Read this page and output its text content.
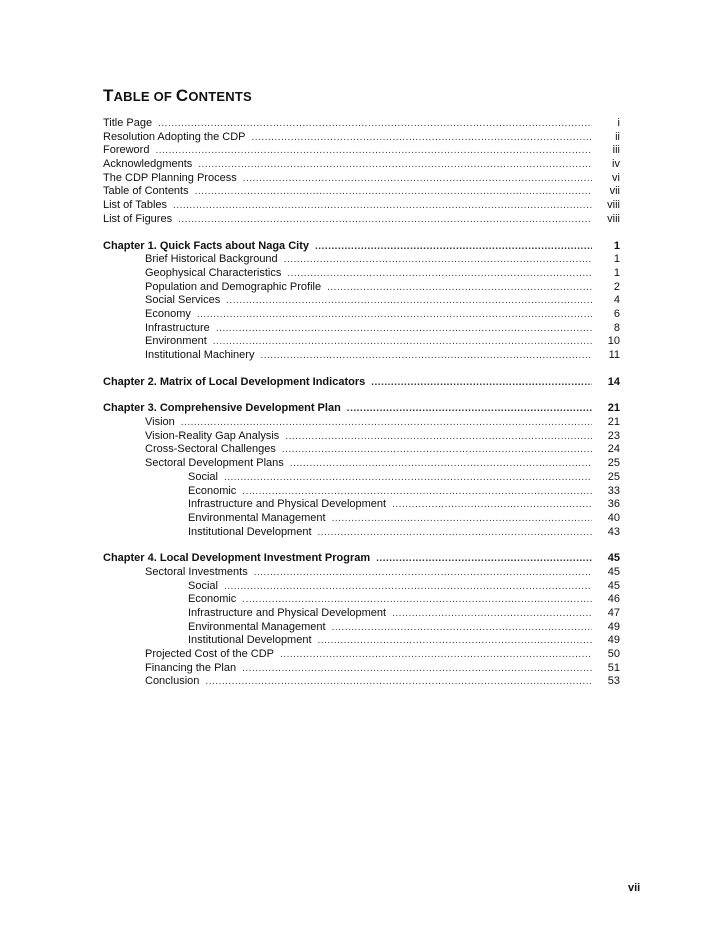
TABLE OF CONTENTS
Title Page .....	i
Resolution Adopting the CDP .....	ii
Foreword .....	iii
Acknowledgments .....	iv
The CDP Planning Process .....	vi
Table of Contents .....	vii
List of Tables .....	viii
List of Figures .....	viii
Chapter 1. Quick Facts about Naga City .....	1
Brief Historical Background .....	1
Geophysical Characteristics .....	1
Population and Demographic Profile .....	2
Social Services .....	4
Economy .....	6
Infrastructure .....	8
Environment .....	10
Institutional Machinery .....	11
Chapter 2. Matrix of Local Development Indicators .....	14
Chapter 3. Comprehensive Development Plan .....	21
Vision .....	21
Vision-Reality Gap Analysis .....	23
Cross-Sectoral Challenges .....	24
Sectoral Development Plans .....	25
Social .....	25
Economic .....	33
Infrastructure and Physical Development .....	36
Environmental Management .....	40
Institutional Development .....	43
Chapter 4. Local Development Investment Program .....	45
Sectoral Investments .....	45
Social .....	45
Economic .....	46
Infrastructure and Physical Development .....	47
Environmental Management .....	49
Institutional Development .....	49
Projected Cost of the CDP .....	50
Financing the Plan .....	51
Conclusion .....	53
vii
